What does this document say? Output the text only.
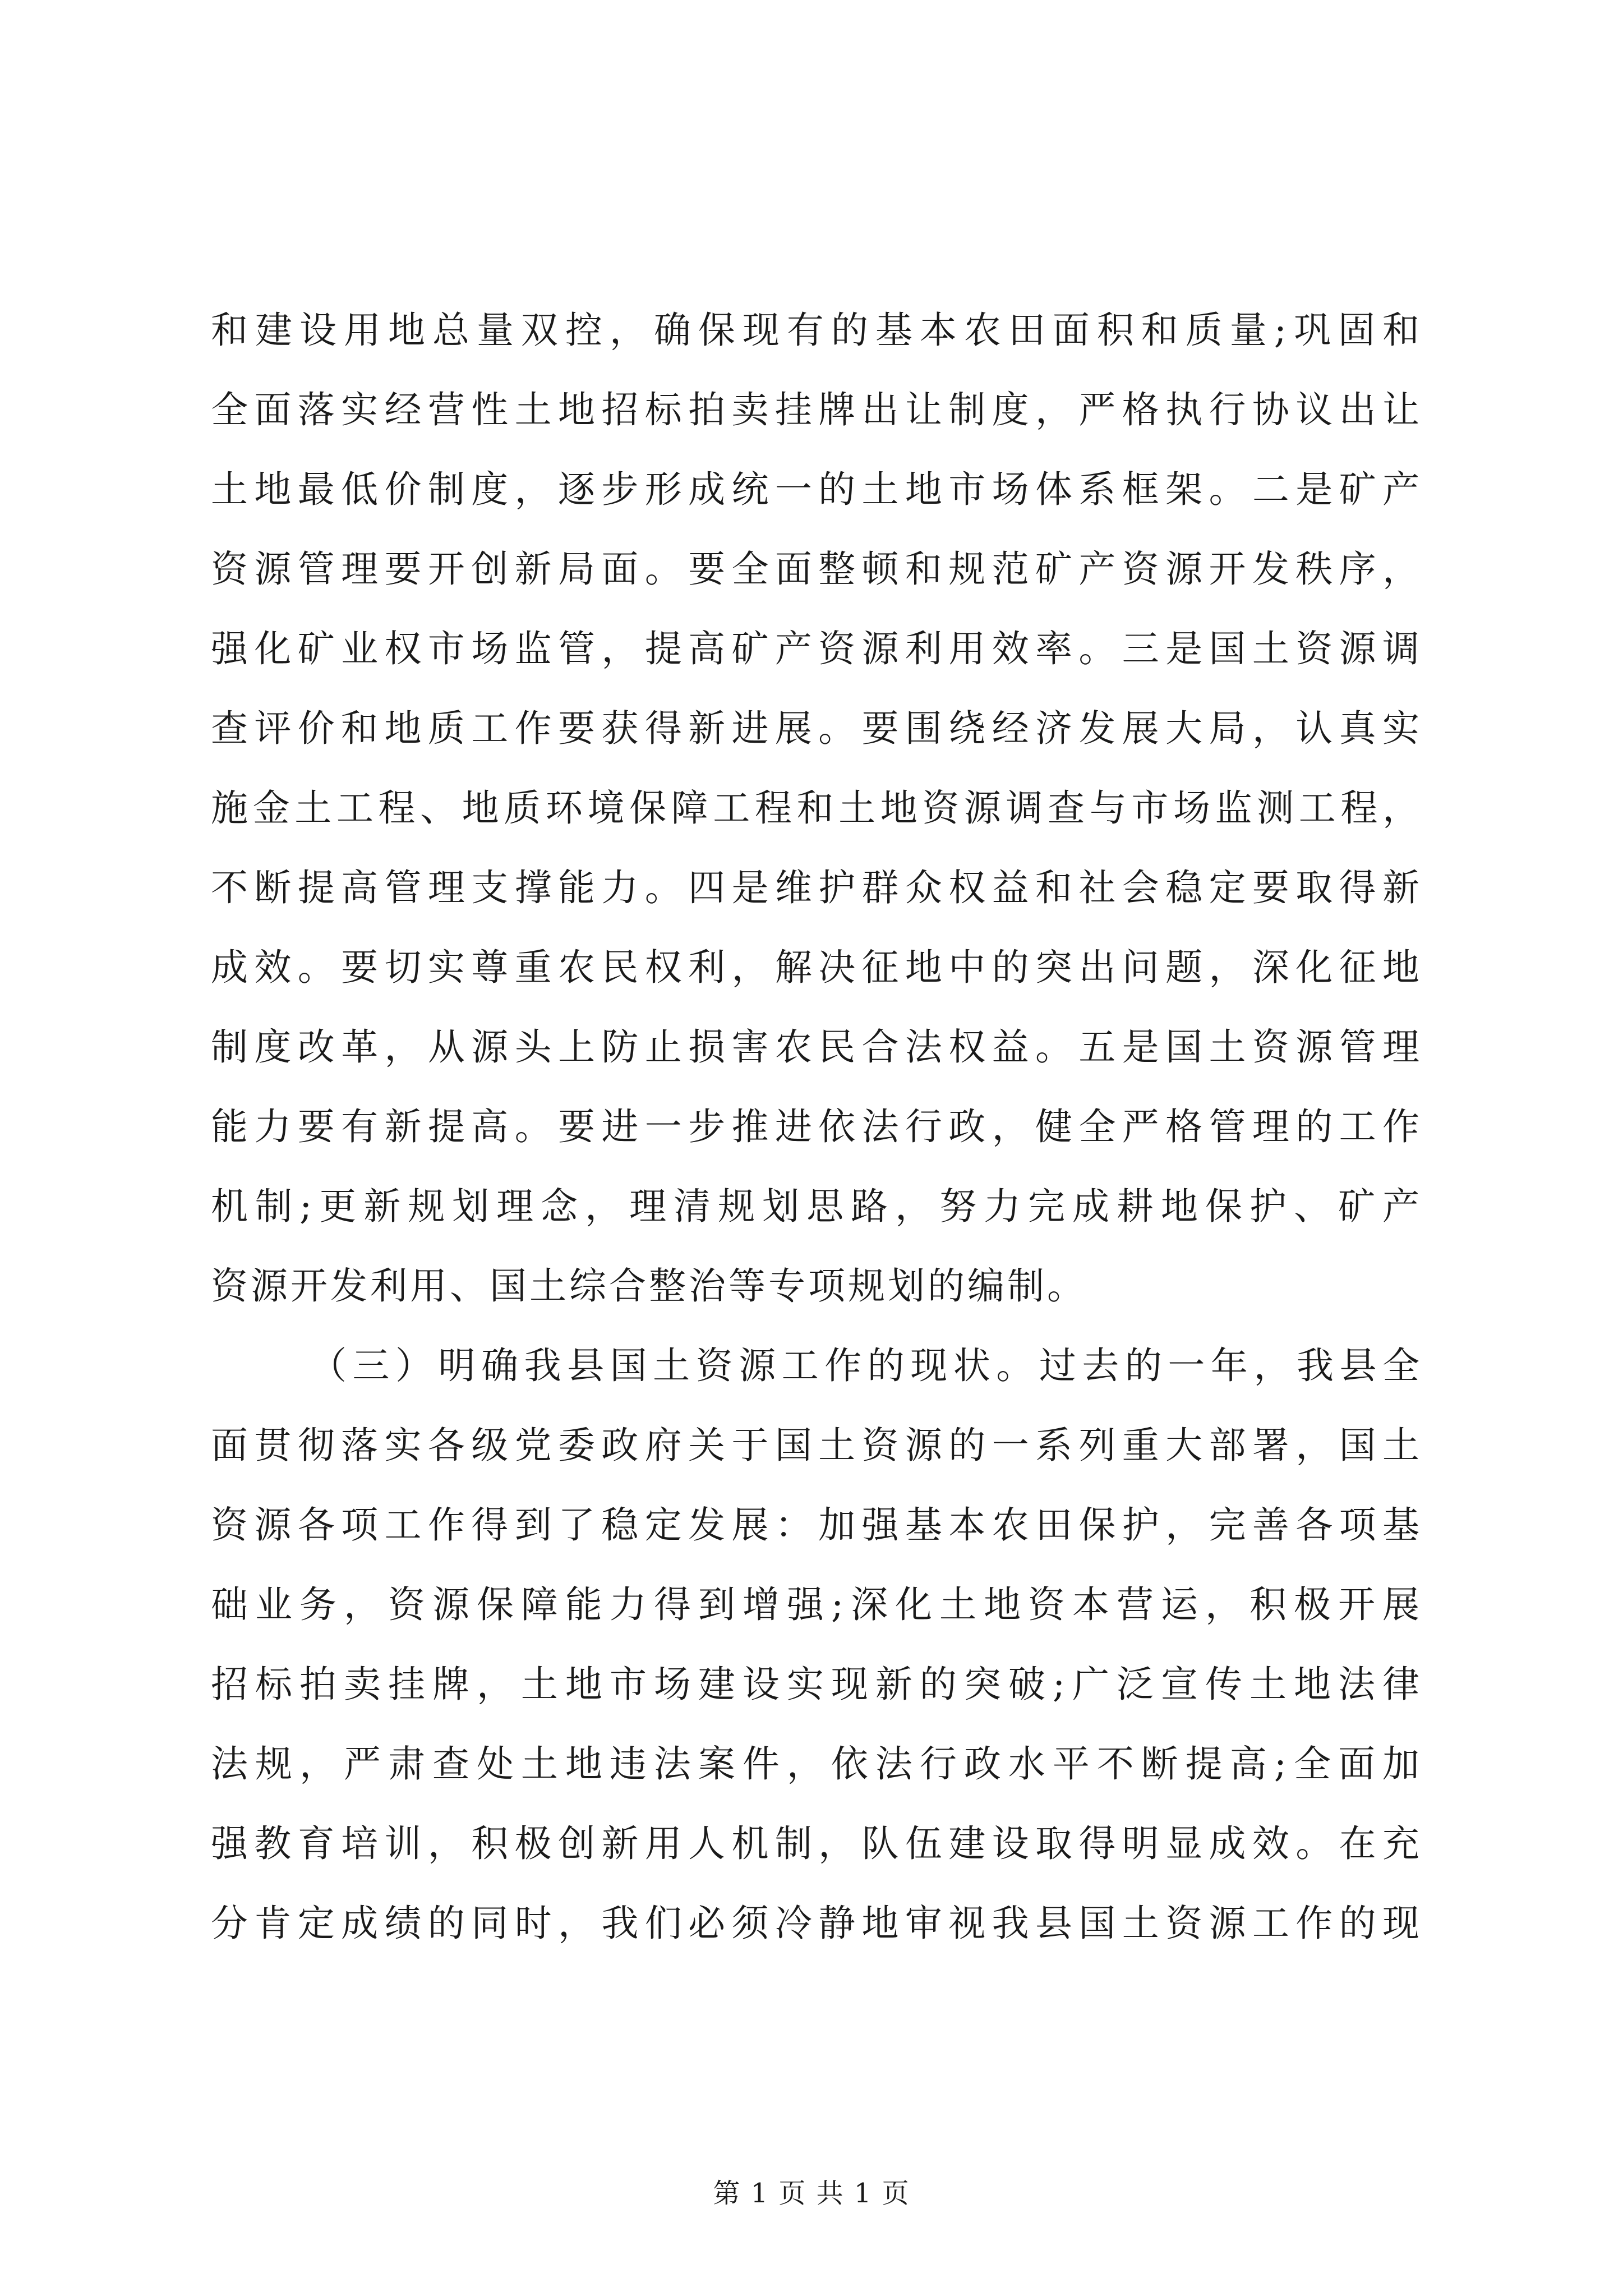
和建设用地总量双控，确保现有的基本农田面积和质量;巩固和
全面落实经营性土地招标拍卖挂牌出让制度，严格执行协议出让
土地最低价制度，逐步形成统一的土地市场体系框架。二是矿产
资源管理要开创新局面。要全面整顿和规范矿产资源开发秩序，
强化矿业权市场监管，提高矿产资源利用效率。三是国土资源调
查评价和地质工作要获得新进展。要围绕经济发展大局，认真实
施金土工程、地质环境保障工程和土地资源调查与市场监测工程，
不断提高管理支撑能力。四是维护群众权益和社会稳定要取得新
成效。要切实尊重农民权利，解决征地中的突出问题，深化征地
制度改革，从源头上防止损害农民合法权益。五是国土资源管理
能力要有新提高。要进一步推进依法行政，健全严格管理的工作
机制;更新规划理念，理清规划思路，努力完成耕地保护、矿产
资源开发利用、国土综合整治等专项规划的编制。
（三）明确我县国土资源工作的现状。过去的一年，我县全
面贯彻落实各级党委政府关于国土资源的一系列重大部署，国土
资源各项工作得到了稳定发展：加强基本农田保护，完善各项基
础业务，资源保障能力得到增强;深化土地资本营运，积极开展
招标拍卖挂牌，土地市场建设实现新的突破;广泛宣传土地法律
法规，严肃查处土地违法案件，依法行政水平不断提高;全面加
强教育培训，积极创新用人机制，队伍建设取得明显成效。在充
分肯定成绩的同时，我们必须冷静地审视我县国土资源工作的现
第 1 页 共 1 页
